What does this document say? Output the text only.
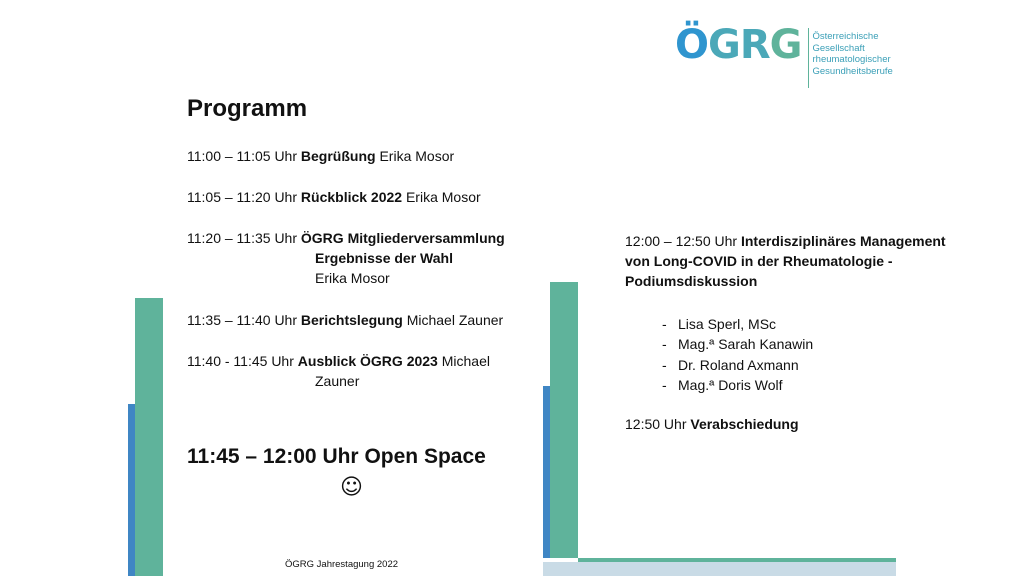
ÖGRG Österreichische
Gesellschaft
rheumatologischer
Gesundheitsberufe
Programm
11:00 – 11:05 Uhr Begrüßung Erika Mosor
11:05 – 11:20 Uhr Rückblick 2022 Erika Mosor
11:20 – 11:35 Uhr ÖGRG Mitgliederversammlung
Ergebnisse der Wahl
Erika Mosor
11:35 – 11:40 Uhr Berichtslegung Michael Zauner
11:40 - 11:45 Uhr Ausblick ÖGRG 2023 Michael
Zauner
11:45 – 12:00 Uhr Open Space
☺
ÖGRG Jahrestagung 2022
12:00 – 12:50 Uhr Interdisziplinäres Management
von Long-COVID in der Rheumatologie -
Podiumsdiskussion
- Lisa Sperl, MSc
- Mag.ª Sarah Kanawin
- Dr. Roland Axmann
- Mag.ª Doris Wolf
12:50 Uhr Verabschiedung
